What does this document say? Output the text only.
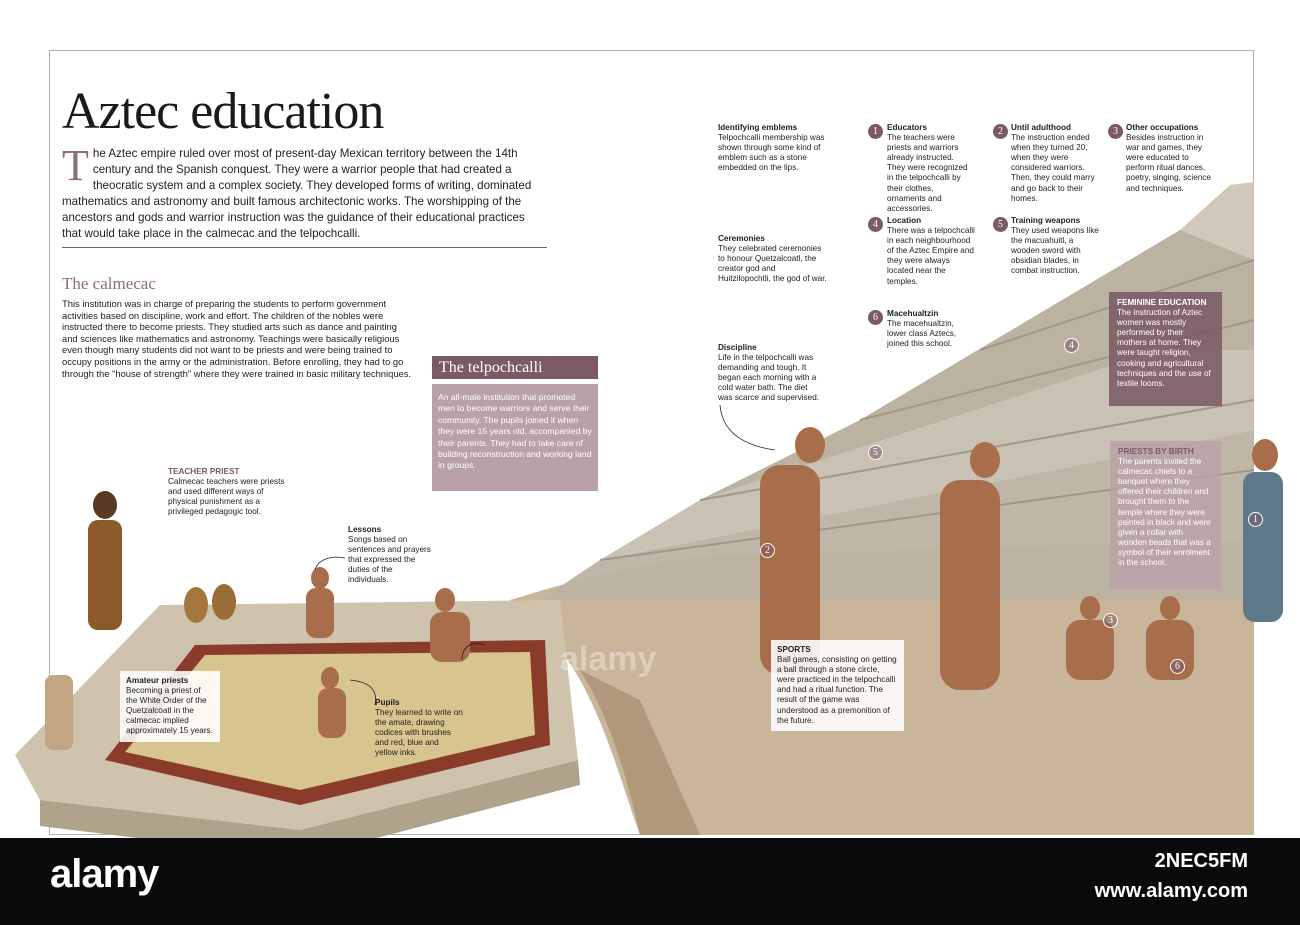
Aztec education

T he Aztec empire ruled over most of present-day Mexican territory between the 14th century and the Spanish conquest. They were a warrior people that had created a theocratic system and a complex society. They developed forms of writing, dominated mathematics and astronomy and built famous architectonic works. The worshipping of the ancestors and gods and warrior instruction was the guidance of their educational practices that would take place in the calmecac and the telpochcalli.

The calmecac

This institution was in charge of preparing the students to perform government activities based on discipline, work and effort. The children of the nobles were instructed there to become priests. They studied arts such as dance and painting and sciences like mathematics and astronomy. Teachings were basically religious even though many students did not want to be priests and were being trained to occupy positions in the army or the administration. Before enrolling, they had to go through the "house of strength" where they were trained in basic military techniques.	The telpochcalli

An all-male institution that promoted men to become warriors and serve their community. The pupils joined it when they were 15 years old, accompanied by their parents. They had to take care of building reconstruction and working land in groups.

TEACHER PRIEST
Calmecac teachers were priests and used different ways of physical punishment as a privileged pedagogic tool.
Lessons
Songs based on sentences and prayers that expressed the duties of the individuals.
Amateur priests
Becoming a priest of the White Order of the Quetzalcoatl in the calmecac implied approximately 15 years.
Pupils
They learned to write on the amate, drawing codices with brushes and red, blue and yellow inks.
Identifying emblems
Telpochcalli membership was shown through some kind of emblem such as a stone embedded on the lips.
Ceremonies
They celebrated ceremonies to honour Quetzalcoatl, the creator god and Huitzilopochtli, the god of war.
Discipline
Life in the telpochcalli was demanding and tough. It began each morning with a cold water bath. The diet was scarce and supervised.
SPORTS
Ball games, consisting on getting a ball through a stone circle, were practiced in the telpochcalli and had a ritual function. The result of the game was understood as a premonition of the future.
1	Educators
The teachers were priests and warriors already instructed. They were recognized in the telpochcalli by their clothes, ornaments and accessories.
2 Until adulthood
The instruction ended when they turned 20, when they were considered warriors. Then, they could marry and go back to their homes.
3 Other occupations
Besides instruction in war and games, they were educated to perform ritual dances, poetry, singing, science and techniques.
4	Location
There was a telpochcalli in each neighbourhood of the Aztec Empire and they were always located near the temples.
5 Training weapons
They used weapons like the macuahuitl, a wooden sword with obsidian blades, in combat instruction.
6	Macehualtzin
The macehualtzin, lower class Aztecs, joined this school.
FEMININE EDUCATION
The instruction of Aztec women was mostly performed by their mothers at home. They were taught religion, cooking and agricultural techniques and the use of textile looms.
PRIESTS BY BIRTH
The parents invited the calmecac chiefs to a banquet where they offered their children and brought them to the temple where they were painted in black and were given a collar with wooden beads that was a symbol of their enrolment in the school.
2
5
4
3
6
1
alamy
alamy	2NEC5FM
www.alamy.com
